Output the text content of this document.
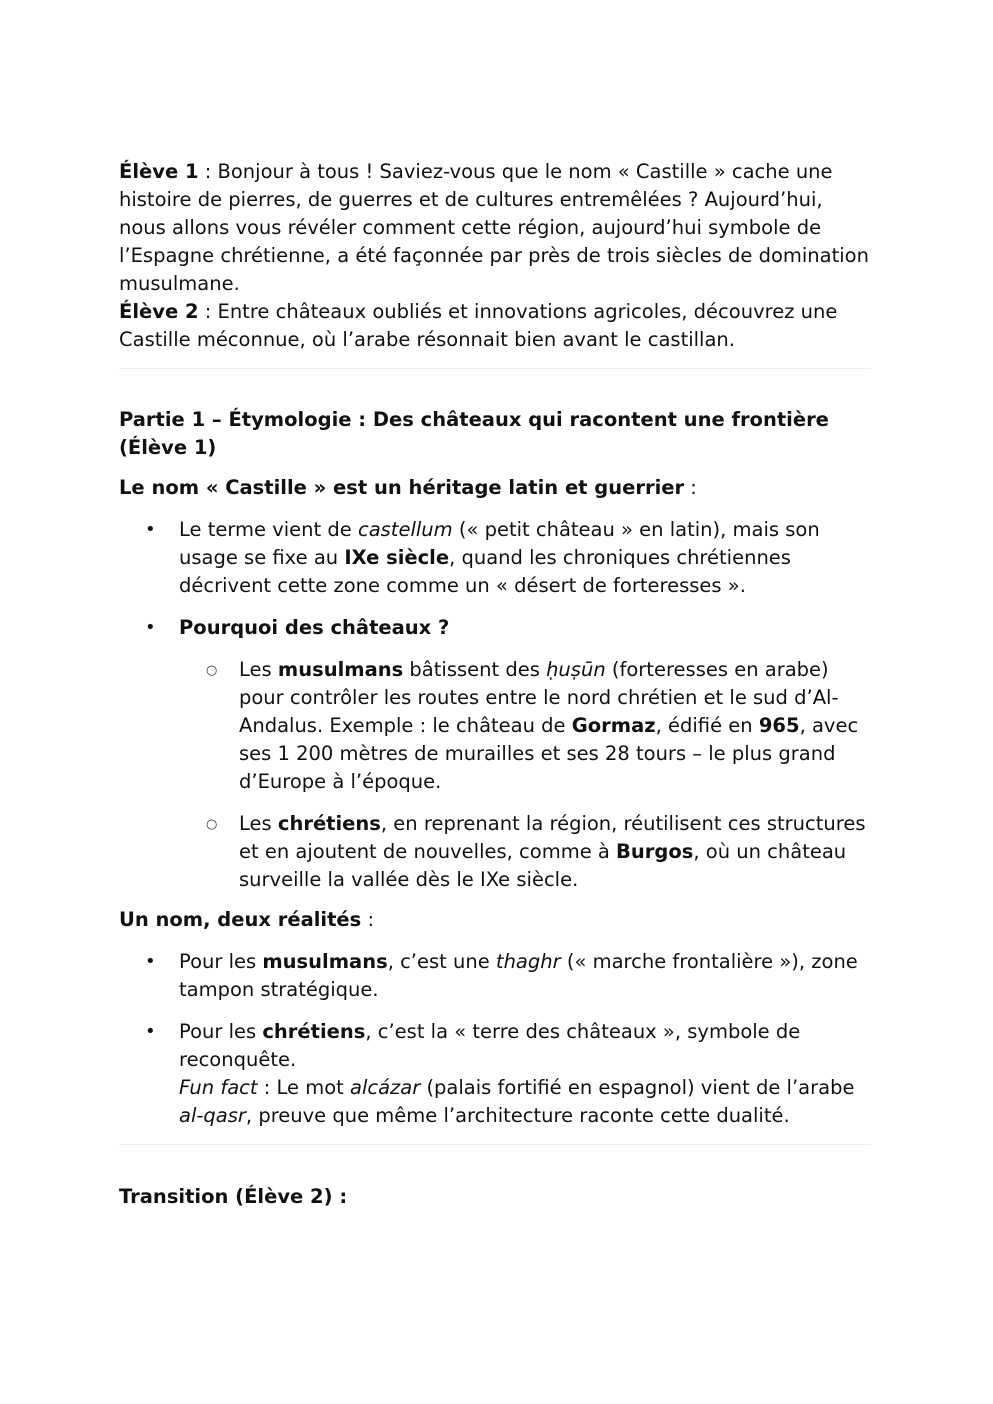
Élève 1 : Bonjour à tous ! Saviez-vous que le nom « Castille » cache une histoire de pierres, de guerres et de cultures entremêlées ? Aujourd’hui, nous allons vous révéler comment cette région, aujourd’hui symbole de l’Espagne chrétienne, a été façonnée par près de trois siècles de domination musulmane.

Élève 2 : Entre châteaux oubliés et innovations agricoles, découvrez une Castille méconnue, où l’arabe résonnait bien avant le castillan.

Partie 1 – Étymologie : Des châteaux qui racontent une frontière (Élève 1)

Le nom « Castille » est un héritage latin et guerrier :

• Le terme vient de castellum (« petit château » en latin), mais son usage se fixe au IXe siècle, quand les chroniques chrétiennes décrivent cette zone comme un « désert de forteresses ».

• Pourquoi des châteaux ?

○ Les musulmans bâtissent des ḥuṣūn (forteresses en arabe) pour contrôler les routes entre le nord chrétien et le sud d’Al-Andalus. Exemple : le château de Gormaz, édifié en 965, avec ses 1 200 mètres de murailles et ses 28 tours – le plus grand d’Europe à l’époque.

○ Les chrétiens, en reprenant la région, réutilisent ces structures et en ajoutent de nouvelles, comme à Burgos, où un château surveille la vallée dès le IXe siècle.

Un nom, deux réalités :

• Pour les musulmans, c’est une thaghr (« marche frontalière »), zone tampon stratégique.

• Pour les chrétiens, c’est la « terre des châteaux », symbole de reconquête.
Fun fact : Le mot alcázar (palais fortifié en espagnol) vient de l’arabe al-qasr, preuve que même l’architecture raconte cette dualité.

Transition (Élève 2) :
